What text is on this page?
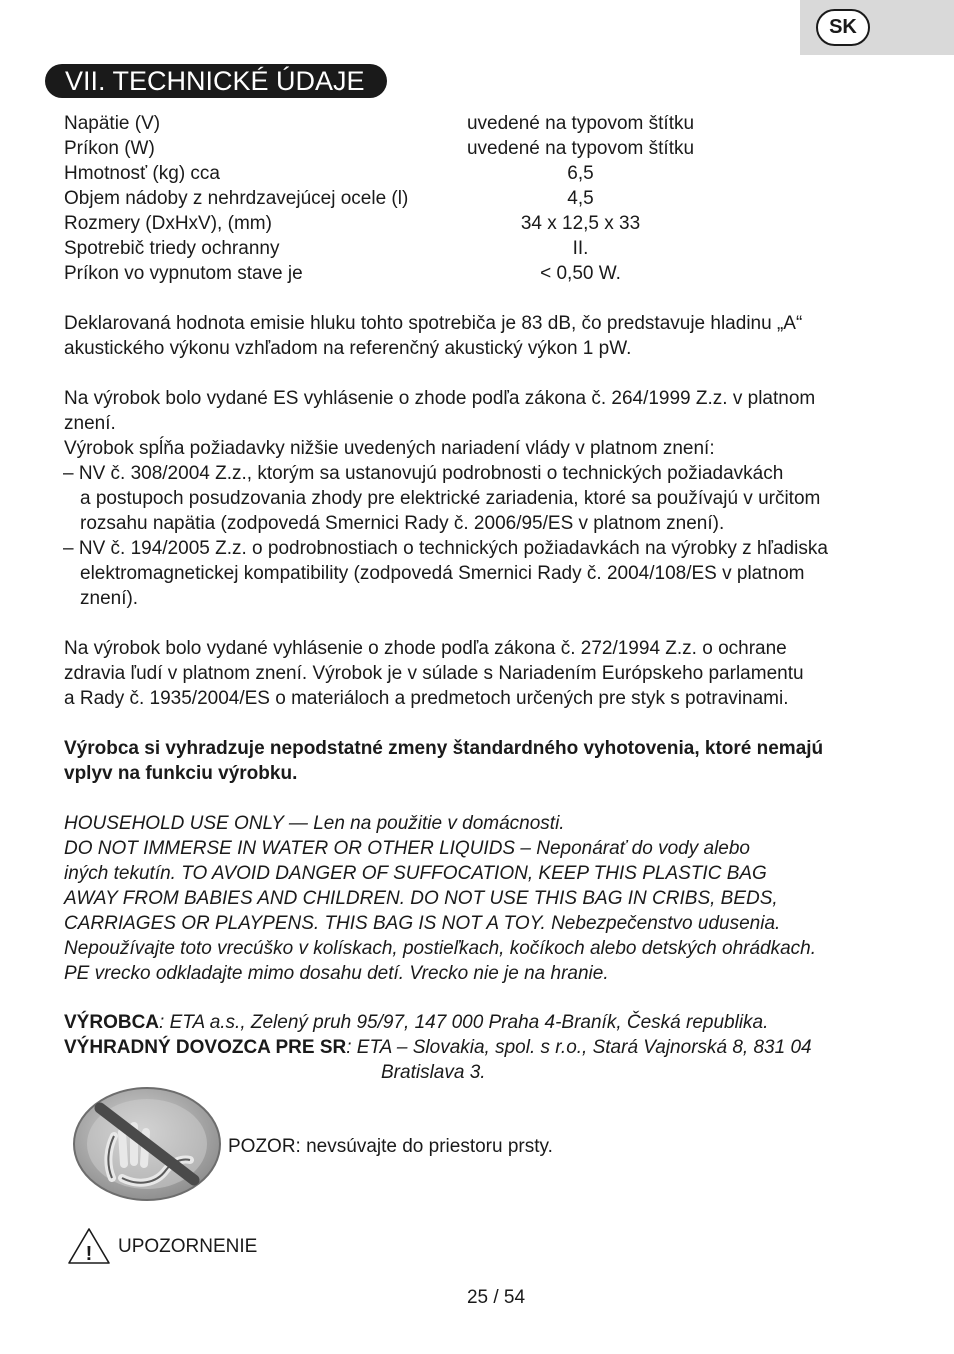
SK
VII. TECHNICKÉ ÚDAJE
Napätie (V)	uvedené na typovom štítku
Príkon (W)	uvedené na typovom štítku
Hmotnosť (kg) cca	6,5
Objem nádoby z nehrdzavejúcej ocele (l)	4,5
Rozmery (DxHxV), (mm)	34 x 12,5 x 33
Spotrebič triedy ochranny	II.
Príkon vo vypnutom stave je	< 0,50 W.
Deklarovaná hodnota emisie hluku tohto spotrebiča je 83 dB, čo predstavuje hladinu „A“
akustického výkonu vzhľadom na referenčný akustický výkon 1 pW.
Na výrobok bolo vydané ES vyhlásenie o zhode podľa zákona č. 264/1999 Z.z. v platnom
znení.
Výrobok spĺňa požiadavky nižšie uvedených nariadení vlády v platnom znení:
– NV č. 308/2004 Z.z., ktorým sa ustanovujú podrobnosti o technických požiadavkách
a postupoch posudzovania zhody pre elektrické zariadenia, ktoré sa používajú v určitom
rozsahu napätia (zodpovedá Smernici Rady č. 2006/95/ES v platnom znení).
– NV č. 194/2005 Z.z. o podrobnostiach o technických požiadavkách na výrobky z hľadiska
elektromagnetickej kompatibility (zodpovedá Smernici Rady č. 2004/108/ES v platnom
znení).
Na výrobok bolo vydané vyhlásenie o zhode podľa zákona č. 272/1994 Z.z. o ochrane
zdravia ľudí v platnom znení. Výrobok je v súlade s Nariadením Európskeho parlamentu
a Rady č. 1935/2004/ES o materiáloch a predmetoch určených pre styk s potravinami.
Výrobca si vyhradzuje nepodstatné zmeny štandardného vyhotovenia, ktoré nemajú
vplyv na funkciu výrobku.
HOUSEHOLD USE ONLY — Len na použitie v domácnosti.
DO NOT IMMERSE IN WATER OR OTHER LIQUIDS – Neponárať do vody alebo
iných tekutín. TO AVOID DANGER OF SUFFOCATION, KEEP THIS PLASTIC BAG
AWAY FROM BABIES AND CHILDREN. DO NOT USE THIS BAG IN CRIBS, BEDS,
CARRIAGES OR PLAYPENS. THIS BAG IS NOT A TOY. Nebezpečenstvo udusenia.
Nepoužívajte toto vrecúško v kolískach, postieľkach, kočíkoch alebo detských ohrádkach.
PE vrecko odkladajte mimo dosahu detí. Vrecko nie je na hranie.
VÝROBCA: ETA a.s., Zelený pruh 95/97, 147 000 Praha 4-Braník, Česká republika.
VÝHRADNÝ DOVOZCA PRE SR: ETA – Slovakia, spol. s r.o., Stará Vajnorská 8, 831 04
Bratislava 3.
POZOR: nevsúvajte do priestoru prsty.
! UPOZORNENIE
25 / 54
